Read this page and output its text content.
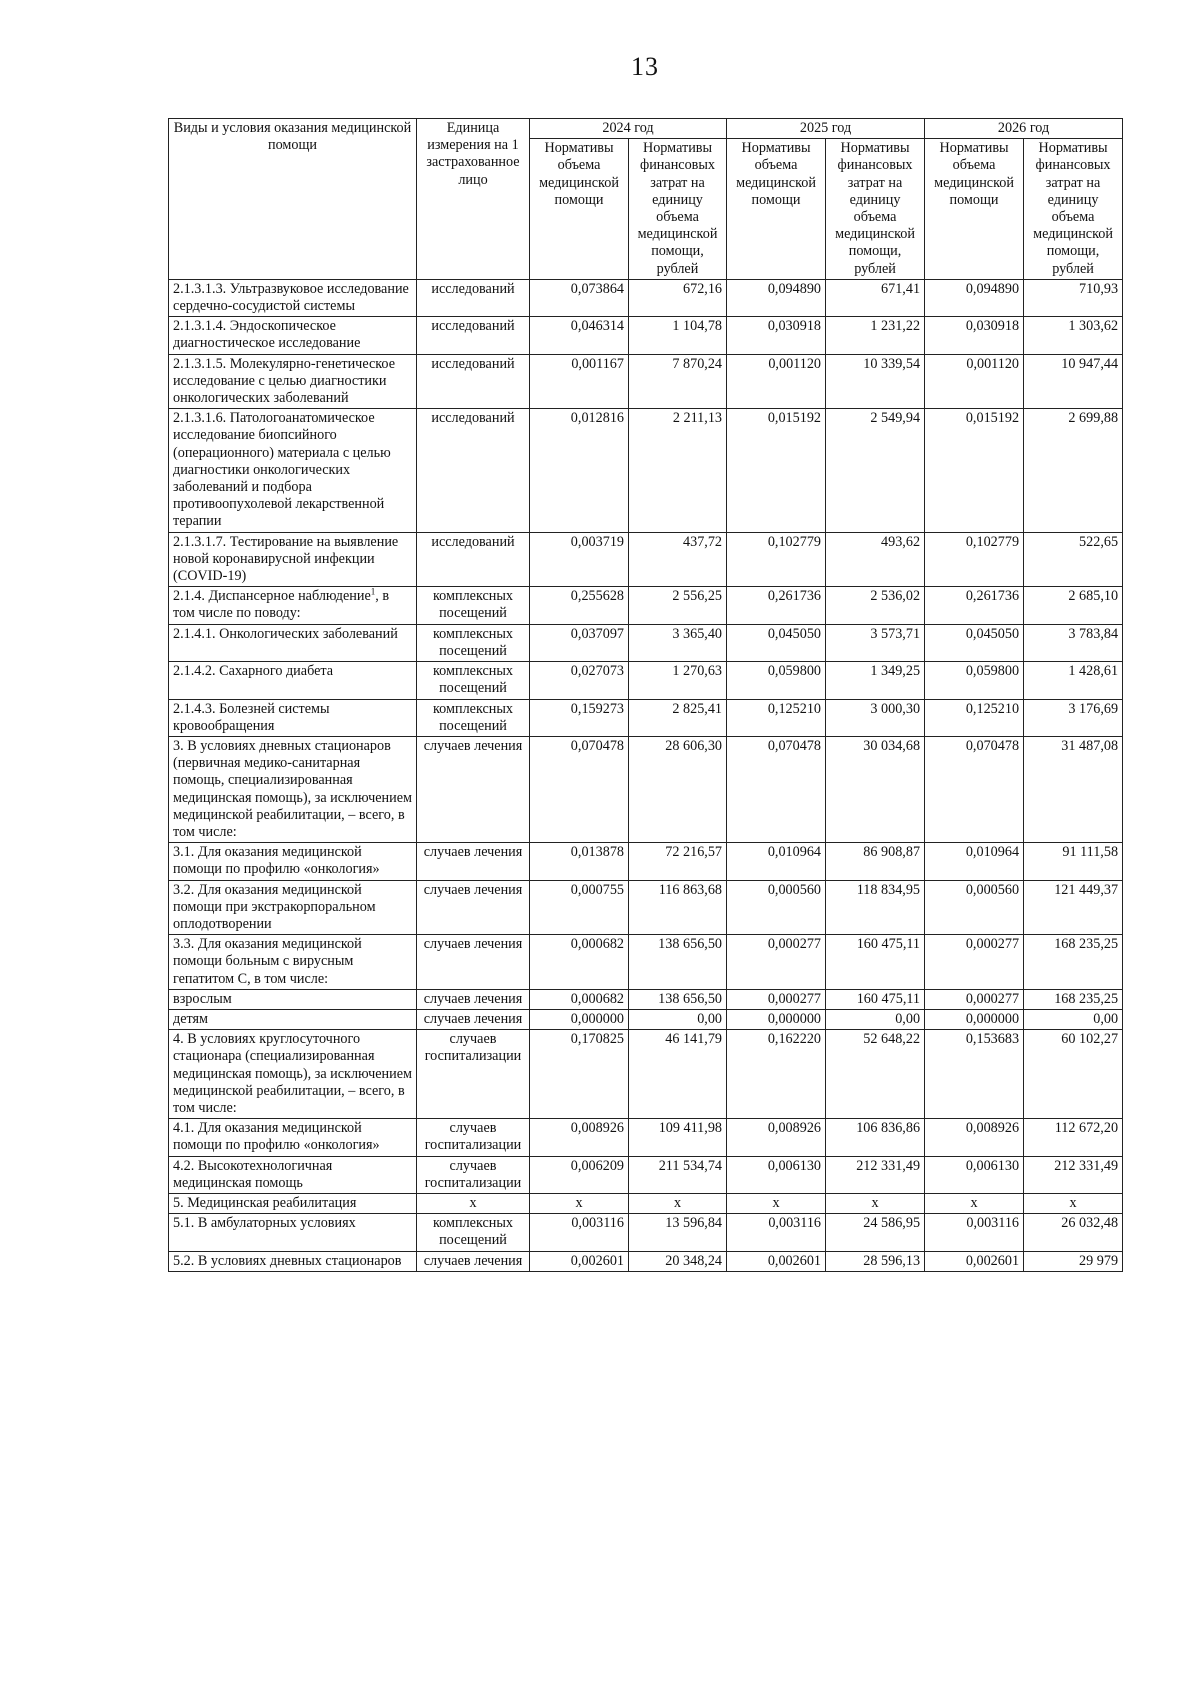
13
Виды и условия оказания медицинской помощи	Единица измерения на 1 застрахованное лицо	2024 год		2025 год		2026 год	
		Нормативы объема медицинской помощи	Нормативы финансовых затрат на единицу объема медицинской помощи, рублей	Нормативы объема медицинской помощи	Нормативы финансовых затрат на единицу объема медицинской помощи, рублей	Нормативы объема медицинской помощи	Нормативы финансовых затрат на единицу объема медицинской помощи, рублей
2.1.3.1.3. Ультразвуковое исследование сердечно-сосудистой системы	исследований	0,073864	672,16	0,094890	671,41	0,094890	710,93
2.1.3.1.4. Эндоскопическое диагностическое исследование	исследований	0,046314	1 104,78	0,030918	1 231,22	0,030918	1 303,62
2.1.3.1.5. Молекулярно-генетическое исследование с целью диагностики онкологических заболеваний	исследований	0,001167	7 870,24	0,001120	10 339,54	0,001120	10 947,44
2.1.3.1.6. Патологоанатомическое исследование биопсийного (операционного) материала с целью диагностики онкологических заболеваний и подбора противоопухолевой лекарственной терапии	исследований	0,012816	2 211,13	0,015192	2 549,94	0,015192	2 699,88
2.1.3.1.7. Тестирование на выявление новой коронавирусной инфекции (COVID-19)	исследований	0,003719	437,72	0,102779	493,62	0,102779	522,65
2.1.4. Диспансерное наблюдение$^1$, в том числе по поводу:	комплексных посещений	0,255628	2 556,25	0,261736	2 536,02	0,261736	2 685,10
2.1.4.1. Онкологических заболеваний	комплексных посещений	0,037097	3 365,40	0,045050	3 573,71	0,045050	3 783,84
2.1.4.2. Сахарного диабета	комплексных посещений	0,027073	1 270,63	0,059800	1 349,25	0,059800	1 428,61
2.1.4.3. Болезней системы кровообращения	комплексных посещений	0,159273	2 825,41	0,125210	3 000,30	0,125210	3 176,69
3. В условиях дневных стационаров (первичная медико-санитарная помощь, специализированная медицинская помощь), за исключением медицинской реабилитации, – всего, в том числе:	случаев лечения	0,070478	28 606,30	0,070478	30 034,68	0,070478	31 487,08
3.1. Для оказания медицинской помощи по профилю «онкология»	случаев лечения	0,013878	72 216,57	0,010964	86 908,87	0,010964	91 111,58
3.2. Для оказания медицинской помощи при экстракорпоральном оплодотворении	случаев лечения	0,000755	116 863,68	0,000560	118 834,95	0,000560	121 449,37
3.3. Для оказания медицинской помощи больным с вирусным гепатитом С, в том числе:	случаев лечения	0,000682	138 656,50	0,000277	160 475,11	0,000277	168 235,25
взрослым	случаев лечения	0,000682	138 656,50	0,000277	160 475,11	0,000277	168 235,25
детям	случаев лечения	0,000000	0,00	0,000000	0,00	0,000000	0,00
4. В условиях круглосуточного стационара (специализированная медицинская помощь), за исключением медицинской реабилитации, – всего, в том числе:	случаев госпитализации	0,170825	46 141,79	0,162220	52 648,22	0,153683	60 102,27
4.1. Для оказания медицинской помощи по профилю «онкология»	случаев госпитализации	0,008926	109 411,98	0,008926	106 836,86	0,008926	112 672,20
4.2. Высокотехнологичная медицинская помощь	случаев госпитализации	0,006209	211 534,74	0,006130	212 331,49	0,006130	212 331,49
5. Медицинская реабилитация	х	х	х	х	х	х	х
5.1. В амбулаторных условиях	комплексных посещений	0,003116	13 596,84	0,003116	24 586,95	0,003116	26 032,48
5.2. В условиях дневных стационаров	случаев лечения	0,002601	20 348,24	0,002601	28 596,13	0,002601	29 979
